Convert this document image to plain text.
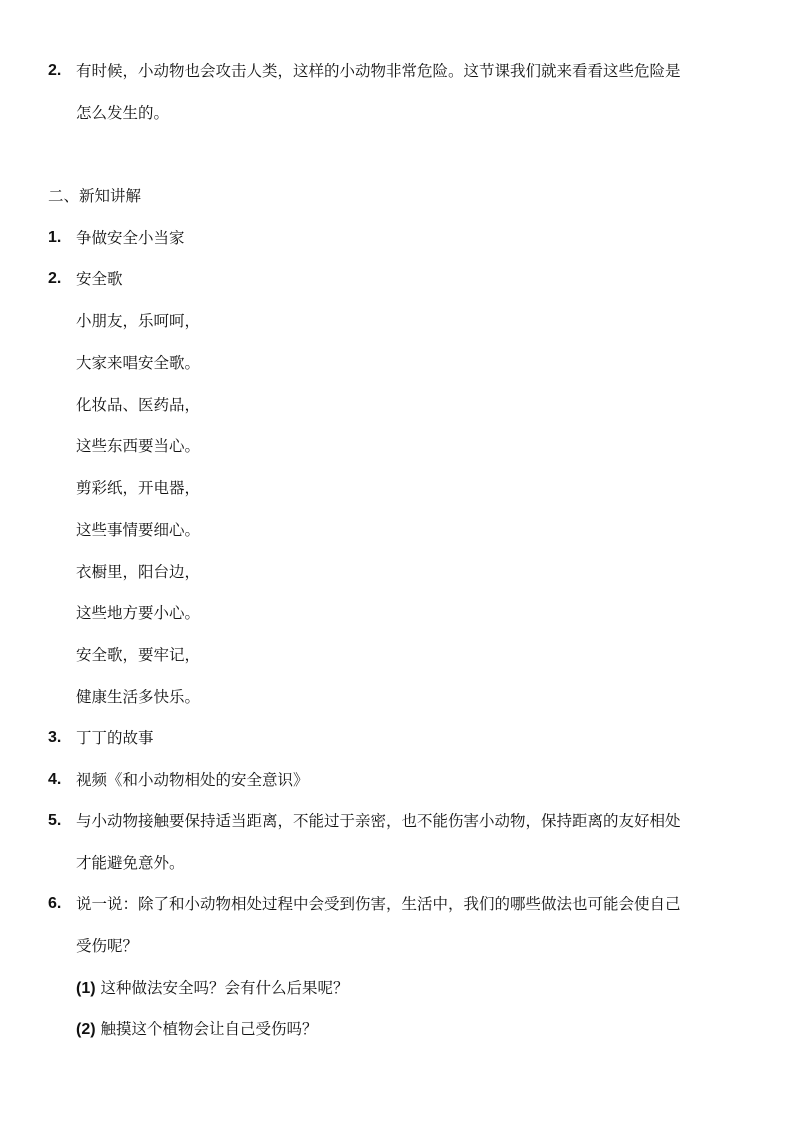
2. 有时候，小动物也会攻击人类，这样的小动物非常危险。这节课我们就来看看这些危险是
怎么发生的。
二、新知讲解
1. 争做安全小当家
2. 安全歌
小朋友，乐呵呵，
大家来唱安全歌。
化妆品、医药品，
这些东西要当心。
剪彩纸，开电器，
这些事情要细心。
衣橱里，阳台边，
这些地方要小心。
安全歌，要牢记，
健康生活多快乐。
3. 丁丁的故事
4. 视频《和小动物相处的安全意识》
5. 与小动物接触要保持适当距离，不能过于亲密，也不能伤害小动物，保持距离的友好相处
才能避免意外。
6. 说一说：除了和小动物相处过程中会受到伤害，生活中，我们的哪些做法也可能会使自己
受伤呢？
(1) 这种做法安全吗？会有什么后果呢？
(2) 触摸这个植物会让自己受伤吗？
